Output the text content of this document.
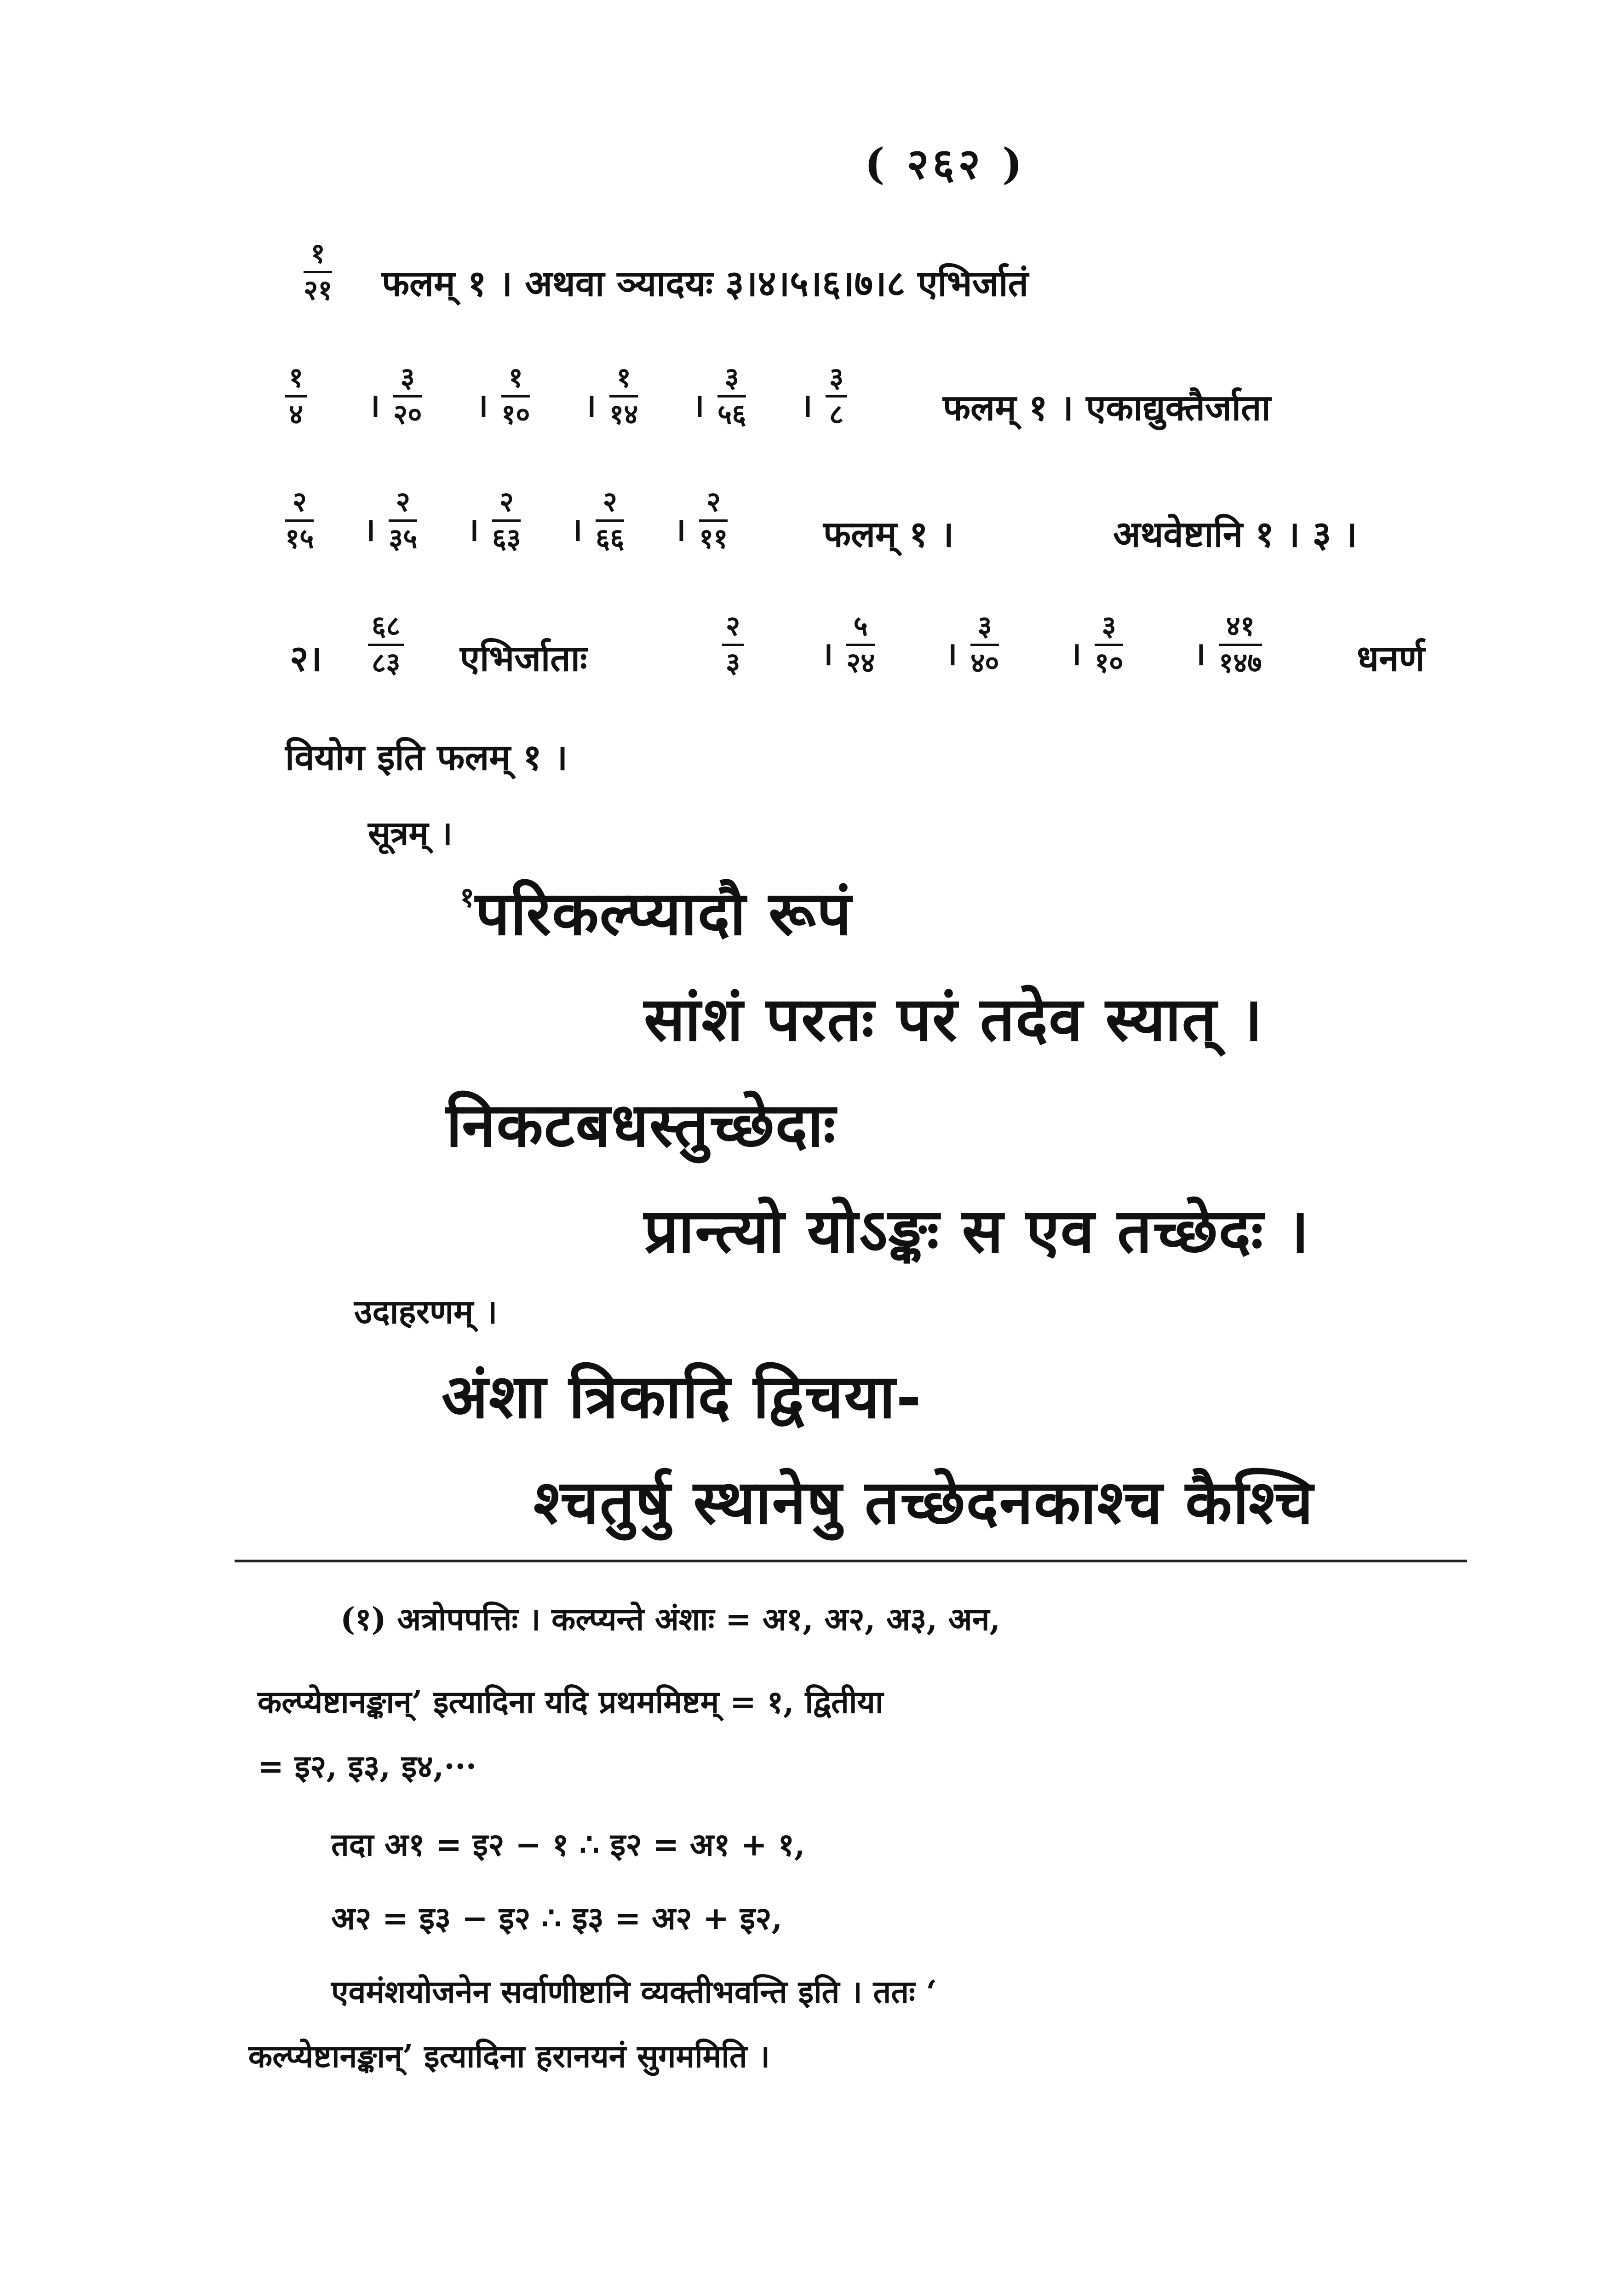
( २६२ )
१
२१ फलम् १ । अथवा ञ्यादयः ३।४।५।६।७।८ एभिर्जातं
१
४ ।
३
२० ।
१
१० ।
१
१४ ।
३
५६ ।
३
८	फलम् १ । एकाद्युक्तैर्जाता
२
१५ ।
२
३५ ।
२
६३ ।
२
६६ ।
२
११	फलम् १ ।	अथवेष्टानि १ । ३ ।
२।
६८
८३ एभिर्जाताः
२
३	।
५
२४ ।
३
४० ।
३
१० ।
४१
१४७	धनर्ण
वियोग इति फलम् १ ।
सूत्रम् ।
$^१$परिकल्प्यादौ रूपं
सांशं परतः परं तदेव स्यात् ।
निकटबधस्तुच्छेदाः
प्रान्त्यो योऽङ्कः स एव तच्छेदः ।
उदाहरणम् ।
अंशा त्रिकादि द्विचया-
श्चतुर्षु स्थानेषु तच्छेदनकाश्च कैश्चि
(१) अत्रोपपत्तिः । कल्प्यन्ते अंशाः = अ१, अ२, अ३, अन,
कल्प्येष्टानङ्कान्’ इत्यादिना यदि प्रथममिष्टम् = १, द्वितीया
= इ२, इ३, इ४,···
तदा अ१ = इ२ − १ ∴ इ२ = अ१ + १,
अ२ = इ३ − इ२ ∴ इ३ = अ२ + इ२,
एवमंशयोजनेन सर्वाणीष्टानि व्यक्तीभवन्ति इति । ततः ‘
कल्प्येष्टानङ्कान्’ इत्यादिना हरानयनं सुगममिति ।
